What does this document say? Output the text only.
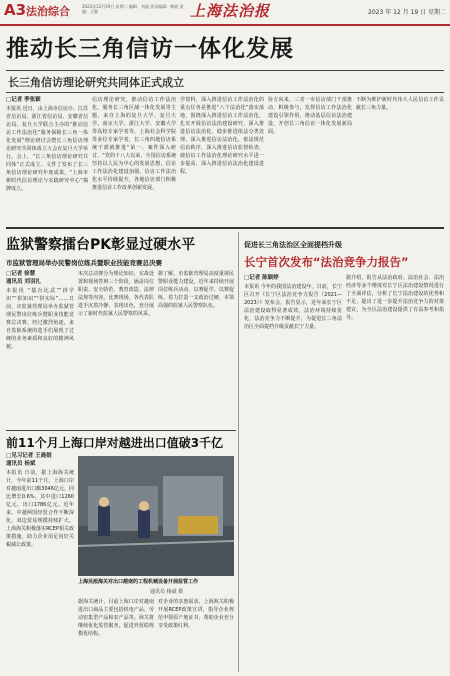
A3 法治综合	2023年12月19日 星期二 编辑：刘迪 美术编辑：韩晓 责编：王静	上海法治报	2023 年 12 月 19 日 星期二
推动长三角信访一体化发展
长三角信访理论研究共同体正式成立
□记者 季张颖
本报讯 近日，由上海市信访办、江苏省信访局、浙江省信访局、安徽省信访局、复旦大学联合主办的“推动信访工作法治化”服务保障长三角一体化发展”理论研讨会暨长三角信访理论研究共同体成立大会在复旦大学举行。会上，“长三角信访理论研究共同体”正式成立。文件丁发布了长三角信访理论研究年度成果，“上海市新时代信访理论与实践研究中心”揭牌成立。
信访理论研究，推动信访工作法治化，服务长三角区域一体化发展等主题，来自上海的复旦大学、复旦大学、南京大学、浙江大学、安徽大学等高校专家学者等，上海社会科学院等多位专家学者，长三角四地信访系统干部就推进“第一、案件深入研讨。“党的十八大以来，全国信访系统坚持以人民为中心的发展思想，信访工作法治化建设加强，信访工作法治化水平持续提升，各地信访部门积极推进信访工作改革创新发展。
学资料，深入推进信访工作法治化的重点任务是推进“八个法治化”落实落地，围绕深入推进信访工作法治化，扎实开展信访法治建设研究，深入推进信访法治化，稳步推进依法分类处理，深入推进信访法治化，依法规范信访秩序，深入推进信访监督检查，使信访工作法治化理论研究水平进一步提高，深入推进信访法治化建设进程。
协方向来，三省一市信访部门干部推动，积极参与，发挥信访工作法治化建设引领作用，推动基层信访法治建设，开创长三角信访一体化发展新局面。
不断为维护新时代伟大人民信访工作贡献长三角力量。
监狱警察擂台PK彰显过硬水平
市监狱管理局举办民警岗位练兵暨职业技能竞赛总决赛
□记者 徐慧
通讯员 刘羽扎
本报讯 “擂台比武”“拼学识”“拼知识”“拼实际”……日前，市监狱管理局举办监狱管理民警岗位练兵暨职业技能竞赛总决赛。经过激烈角逐，来自监狱系统的选手们展现了过硬的业务素质和良好的精神风貌。
本次总决赛分为理论知识、实战处置和现场答辩三个阶段，涵盖岗位职责、安全防范、教育改造、法律法规等内容。比赛现场，各代表队选手沉着冷静，表现出色，充分展示了新时代监狱人民警察的风采。
据了解，市监狱管理局高度重视民警职业能力建设，近年来持续开展岗位练兵活动，以赛促学、以赛促练，着力打造一支政治过硬、本领高强的监狱人民警察队伍。
促进长三角法治区全面提档升级
长宁首次发布“法治竞争力报告”
□记者 陈颖婷
本报讯 今年的我国法治建设年。日前，长宁区召开《长宁区法治竞争力报告（2021—2023）》发布会。报告显示，近年来长宁区法治建设取得显著成效，法治环境持续优化，法治竞争力不断提升，为促进长三角法治区全面提档升级贡献长宁力量。
据介绍，报告从法治政府、法治社会、法治经济等多个维度对长宁区法治建设情况进行了全面评估，分析了长宁法治建设的优势和不足，提出了进一步提升法治竞争力的对策建议，为全区法治建设提供了有益参考和指导。
前11个月上海口岸对越进出口值破3千亿
□见习记者 王晨娟
通讯员 杨斌
本报讯 日前，据上海海关统计，今年前11个月，上海口岸对越南进出口额3046亿元，同比增长0.6%，其中进口1260亿元，出口1786亿元。近年来，中越两国经贸合作不断深化，双边贸易规模持续扩大。上海海关积极落实RCEP相关政策措施，助力企业用足用好关税减让政策。
上海吴淞海关对出口越南的工程机械设备开展监管工作
通讯员 杨斌 摄
据海关统计，目前上海口岸对越南进出口商品主要包括机电产品、劳动密集型产品和农产品等。海关将继续优化监管服务，促进外贸稳规模优结构。
对企业的享惠需求，上海海关积极开展RCEP政策宣讲，指导企业规范申领原产地证书，帮助企业充分享受政策红利。
